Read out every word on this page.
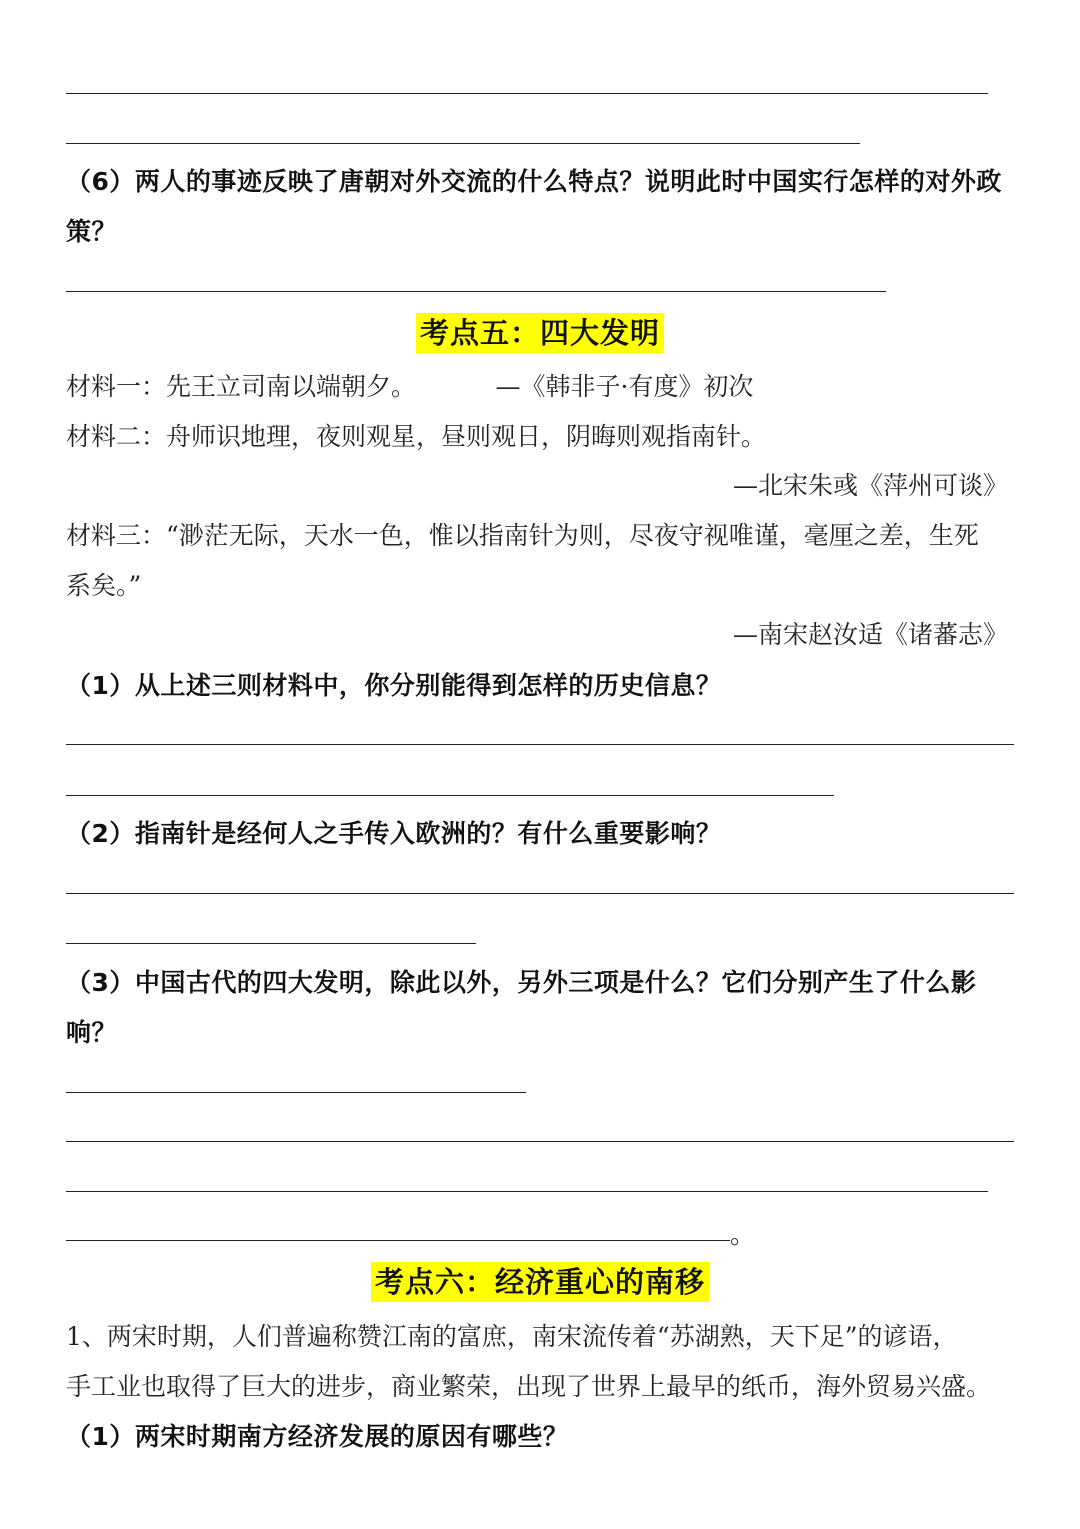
（6）两人的事迹反映了唐朝对外交流的什么特点？说明此时中国实行怎样的对外政
策？
考点五：四大发明
材料一：先王立司南以端朝夕。          —《韩非子·有度》初次
材料二：舟师识地理，夜则观星，昼则观日，阴晦则观指南针。
—北宋朱彧《萍州可谈》
材料三：“渺茫无际，天水一色，惟以指南针为则，尽夜守视唯谨，毫厘之差，生死
系矣。”
—南宋赵汝适《诸蕃志》
（1）从上述三则材料中，你分别能得到怎样的历史信息？
（2）指南针是经何人之手传入欧洲的？有什么重要影响？
（3）中国古代的四大发明，除此以外，另外三项是什么？它们分别产生了什么影
响？
。
考点六：经济重心的南移
1、两宋时期，人们普遍称赞江南的富庶，南宋流传着“苏湖熟，天下足”的谚语，
手工业也取得了巨大的进步，商业繁荣，出现了世界上最早的纸币，海外贸易兴盛。
（1）两宋时期南方经济发展的原因有哪些？
